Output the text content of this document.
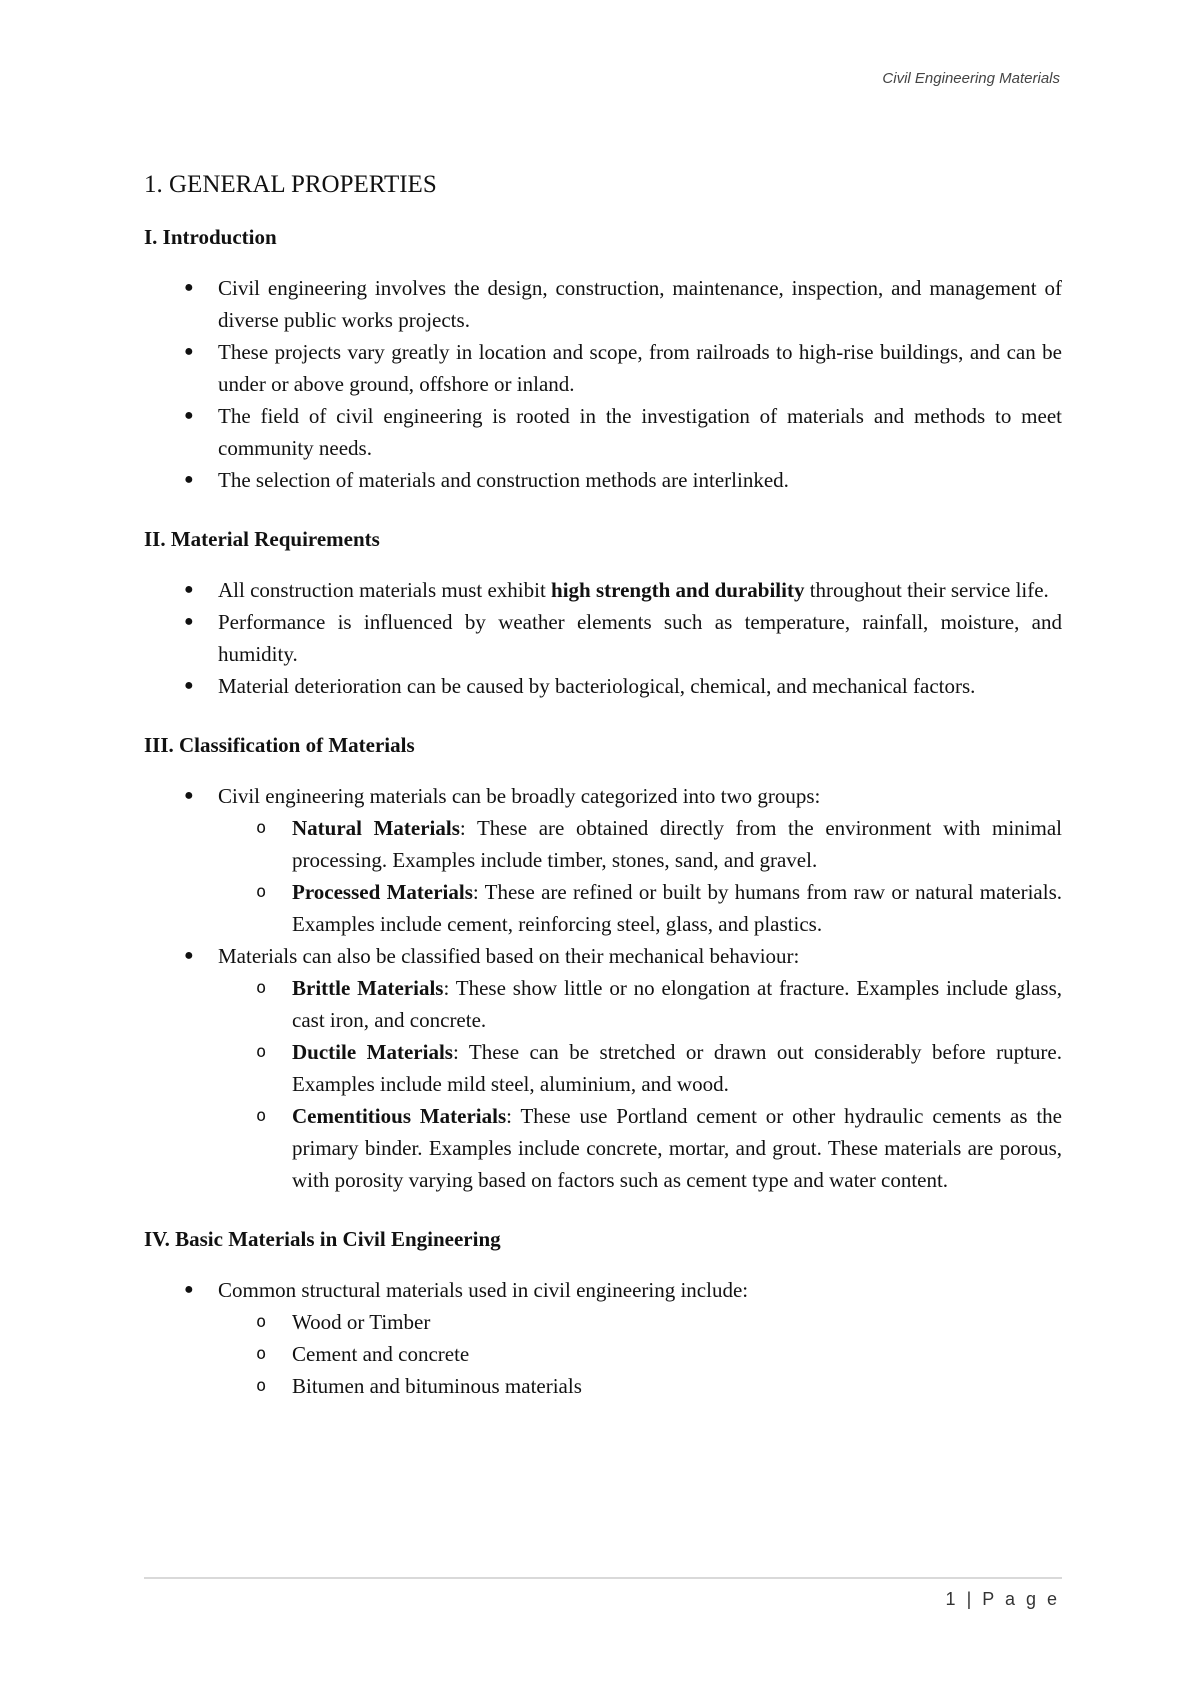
Civil Engineering Materials
1. GENERAL PROPERTIES
I. Introduction
● Civil engineering involves the design, construction, maintenance, inspection, and management of diverse public works projects.
● These projects vary greatly in location and scope, from railroads to high-rise buildings, and can be under or above ground, offshore or inland.
● The field of civil engineering is rooted in the investigation of materials and methods to meet community needs.
● The selection of materials and construction methods are interlinked.
II. Material Requirements
● All construction materials must exhibit high strength and durability throughout their service life.
● Performance is influenced by weather elements such as temperature, rainfall, moisture, and humidity.
● Material deterioration can be caused by bacteriological, chemical, and mechanical factors.
III. Classification of Materials
● Civil engineering materials can be broadly categorized into two groups:
o Natural Materials: These are obtained directly from the environment with minimal processing. Examples include timber, stones, sand, and gravel.
o Processed Materials: These are refined or built by humans from raw or natural materials. Examples include cement, reinforcing steel, glass, and plastics.
● Materials can also be classified based on their mechanical behaviour:
o Brittle Materials: These show little or no elongation at fracture. Examples include glass, cast iron, and concrete.
o Ductile Materials: These can be stretched or drawn out considerably before rupture. Examples include mild steel, aluminium, and wood.
o Cementitious Materials: These use Portland cement or other hydraulic cements as the primary binder. Examples include concrete, mortar, and grout. These materials are porous, with porosity varying based on factors such as cement type and water content.
IV. Basic Materials in Civil Engineering
● Common structural materials used in civil engineering include:
o Wood or Timber
o Cement and concrete
o Bitumen and bituminous materials
1 | P a g e
